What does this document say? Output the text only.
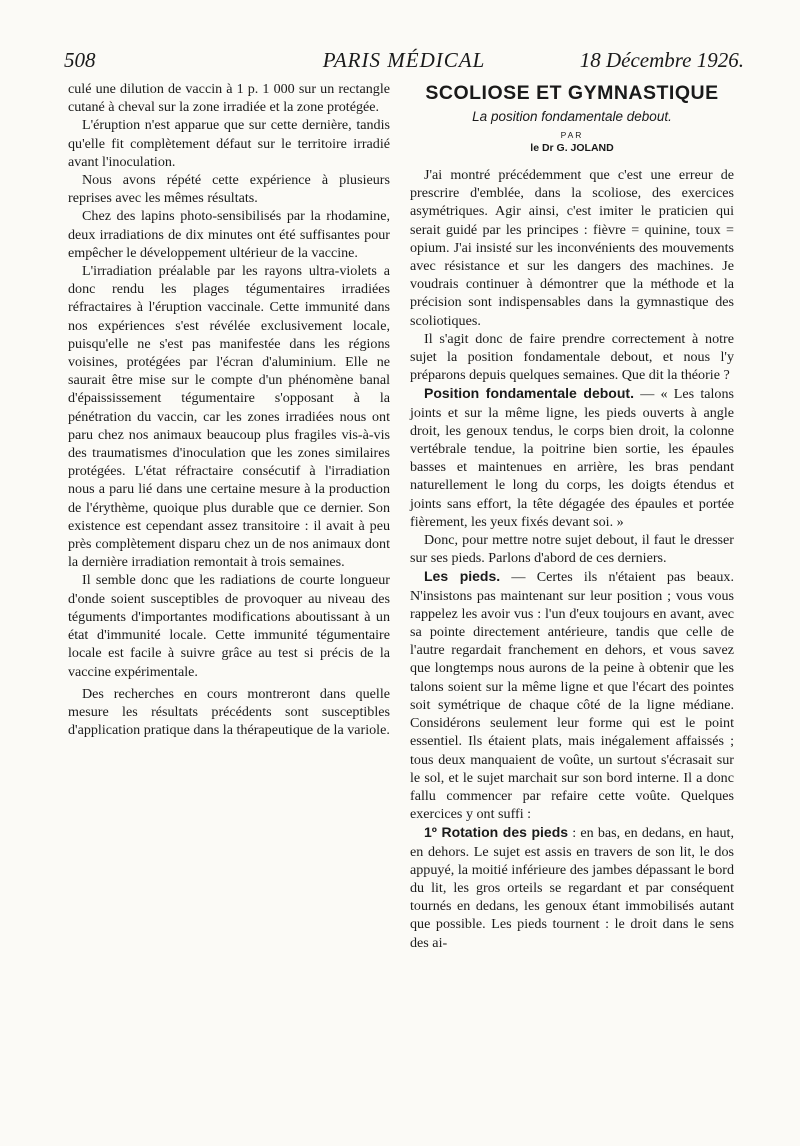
508	PARIS MÉDICAL	18 Décembre 1926.

culé une dilution de vaccin à 1 p. 1 000 sur un rectangle cutané à cheval sur la zone irradiée et la zone protégée.

L'éruption n'est apparue que sur cette dernière, tandis qu'elle fit complètement défaut sur le territoire irradié avant l'inoculation.

Nous avons répété cette expérience à plusieurs reprises avec les mêmes résultats.

Chez des lapins photo-sensibilisés par la rhodamine, deux irradiations de dix minutes ont été suffisantes pour empêcher le développement ultérieur de la vaccine.

L'irradiation préalable par les rayons ultra-violets a donc rendu les plages tégumentaires irradiées réfractaires à l'éruption vaccinale. Cette immunité dans nos expériences s'est révélée exclusivement locale, puisqu'elle ne s'est pas manifestée dans les régions voisines, protégées par l'écran d'aluminium. Elle ne saurait être mise sur le compte d'un phénomène banal d'épaississement tégumentaire s'opposant à la pénétration du vaccin, car les zones irradiées nous ont paru chez nos animaux beaucoup plus fragiles vis-à-vis des traumatismes d'inoculation que les zones similaires protégées. L'état réfractaire consécutif à l'irradiation nous a paru lié dans une certaine mesure à la production de l'érythème, quoique plus durable que ce dernier. Son existence est cependant assez transitoire : il avait à peu près complètement disparu chez un de nos animaux dont la dernière irradiation remontait à trois semaines.

Il semble donc que les radiations de courte longueur d'onde soient susceptibles de provoquer au niveau des téguments d'importantes modifications aboutissant à un état d'immunité locale. Cette immunité tégumentaire locale est facile à suivre grâce au test si précis de la vaccine expérimentale.

Des recherches en cours montreront dans quelle mesure les résultats précédents sont susceptibles d'application pratique dans la thérapeutique de la variole.

SCOLIOSE ET GYMNASTIQUE
La position fondamentale debout.
PAR
le Dr G. JOLAND

J'ai montré précédemment que c'est une erreur de prescrire d'emblée, dans la scoliose, des exercices asymétriques. Agir ainsi, c'est imiter le praticien qui serait guidé par les principes : fièvre = quinine, toux = opium. J'ai insisté sur les inconvénients des mouvements avec résistance et sur les dangers des machines. Je voudrais continuer à démontrer que la méthode et la précision sont indispensables dans la gymnastique des scoliotiques.

Il s'agit donc de faire prendre correctement à notre sujet la position fondamentale debout, et nous l'y préparons depuis quelques semaines. Que dit la théorie ?

Position fondamentale debout. — « Les talons joints et sur la même ligne, les pieds ouverts à angle droit, les genoux tendus, le corps bien droit, la colonne vertébrale tendue, la poitrine bien sortie, les épaules basses et maintenues en arrière, les bras pendant naturellement le long du corps, les doigts étendus et joints sans effort, la tête dégagée des épaules et portée fièrement, les yeux fixés devant soi. »

Donc, pour mettre notre sujet debout, il faut le dresser sur ses pieds. Parlons d'abord de ces derniers.

Les pieds. — Certes ils n'étaient pas beaux. N'insistons pas maintenant sur leur position ; vous vous rappelez les avoir vus : l'un d'eux toujours en avant, avec sa pointe directement antérieure, tandis que celle de l'autre regardait franchement en dehors, et vous savez que longtemps nous aurons de la peine à obtenir que les talons soient sur la même ligne et que l'écart des pointes soit symétrique de chaque côté de la ligne médiane. Considérons seulement leur forme qui est le point essentiel. Ils étaient plats, mais inégalement affaissés ; tous deux manquaient de voûte, un surtout s'écrasait sur le sol, et le sujet marchait sur son bord interne. Il a donc fallu commencer par refaire cette voûte. Quelques exercices y ont suffi :

1º Rotation des pieds : en bas, en dedans, en haut, en dehors. Le sujet est assis en travers de son lit, le dos appuyé, la moitié inférieure des jambes dépassant le bord du lit, les gros orteils se regardant et par conséquent tournés en dedans, les genoux étant immobilisés autant que possible. Les pieds tournent : le droit dans le sens des ai-
